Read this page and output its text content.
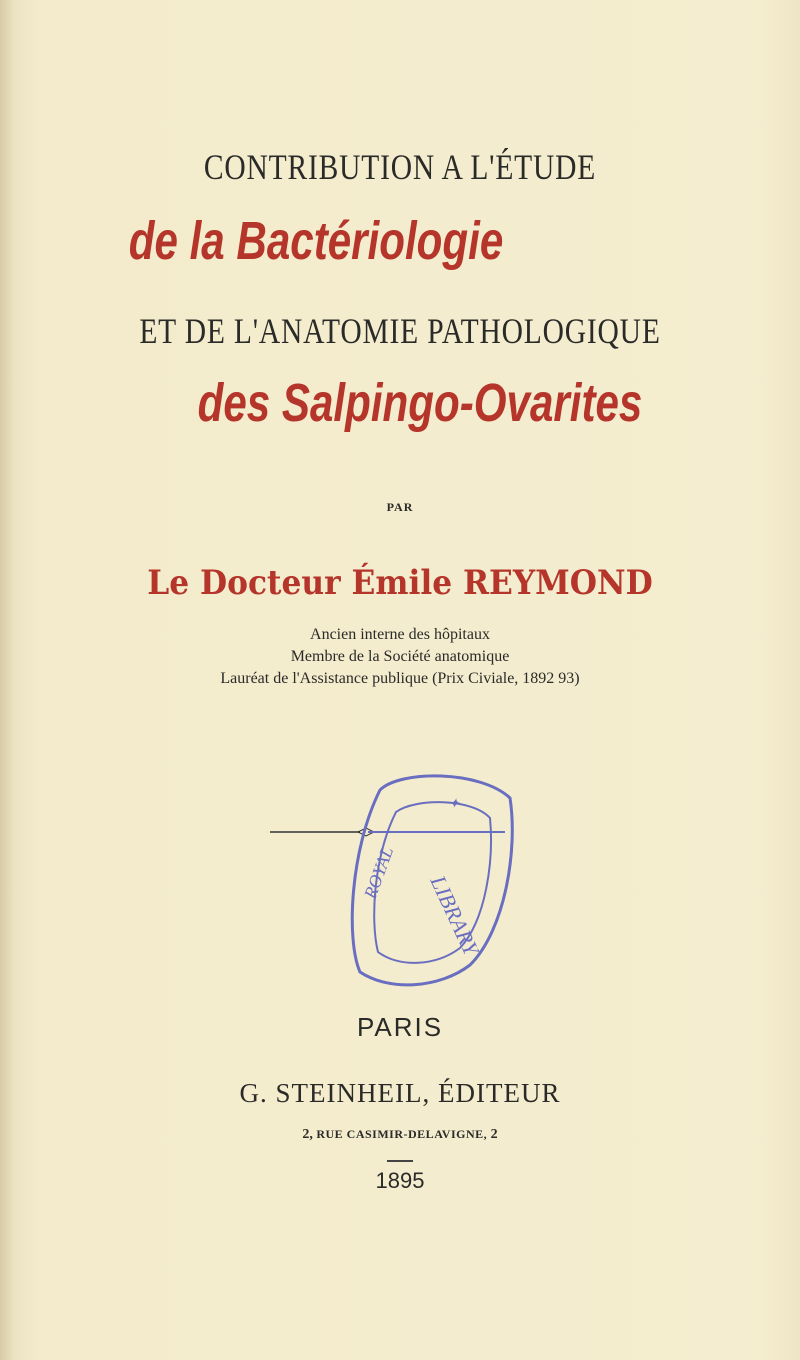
CONTRIBUTION A L'ÉTUDE
de la Bactériologie
ET DE L'ANATOMIE PATHOLOGIQUE
des Salpingo-Ovarites
PAR
Le Docteur Émile REYMOND
Ancien interne des hôpitaux
Membre de la Société anatomique
Lauréat de l'Assistance publique (Prix Civiale, 1892 93)
✦
LIBRARY
ROYAL
PARIS
G. STEINHEIL, ÉDITEUR
2, RUE CASIMIR-DELAVIGNE, 2
1895
